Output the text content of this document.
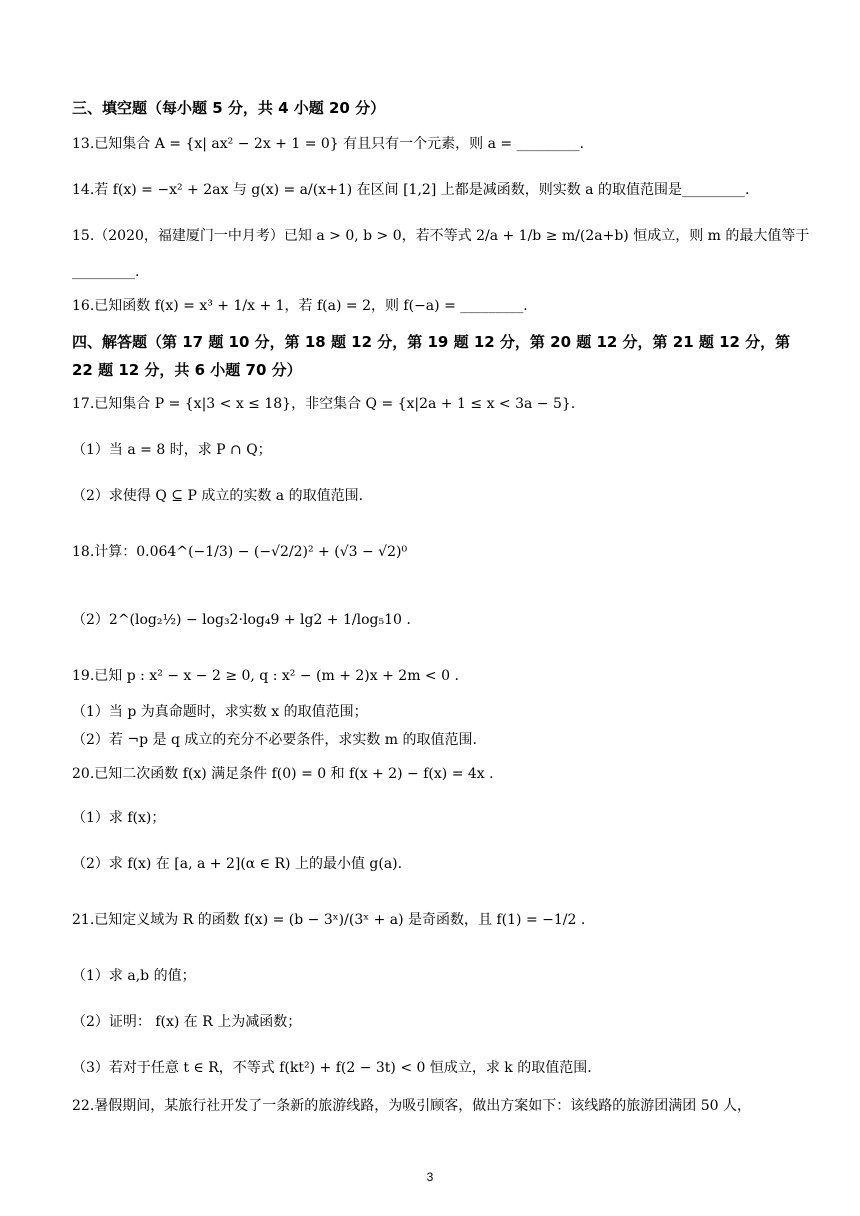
三、填空题（每小题 5 分，共 4 小题 20 分）
13.已知集合 A = {x| ax² − 2x + 1 = 0} 有且只有一个元素，则 a = _________.
14.若 f(x) = −x² + 2ax 与 g(x) = a/(x+1) 在区间 [1,2] 上都是减函数，则实数 a 的取值范围是_________.
15.（2020，福建厦门一中月考）已知 a > 0, b > 0，若不等式 2/a + 1/b ≥ m/(2a+b) 恒成立，则 m 的最大值等于
_________.
16.已知函数 f(x) = x³ + 1/x + 1，若 f(a) = 2，则 f(−a) = _________.
四、解答题（第 17 题 10 分，第 18 题 12 分，第 19 题 12 分，第 20 题 12 分，第 21 题 12 分，第
22 题 12 分，共 6 小题 70 分）
17.已知集合 P = {x|3 < x ≤ 18}，非空集合 Q = {x|2a + 1 ≤ x < 3a − 5}.
（1）当 a = 8 时，求 P ∩ Q；
（2）求使得 Q ⊆ P 成立的实数 a 的取值范围.
18.计算：0.064^(−1/3) − (−√2/2)² + (√3 − √2)⁰
（2）2^(log₂½) − log₃2·log₄9 + lg2 + 1/log₅10 .
19.已知 p : x² − x − 2 ≥ 0, q : x² − (m + 2)x + 2m < 0 .
（1）当 p 为真命题时，求实数 x 的取值范围；
（2）若 ¬p 是 q 成立的充分不必要条件，求实数 m 的取值范围.
20.已知二次函数 f(x) 满足条件 f(0) = 0 和 f(x + 2) − f(x) = 4x .
（1）求 f(x)；
（2）求 f(x) 在 [a, a + 2](α ∈ R) 上的最小值 g(a).
21.已知定义域为 R 的函数 f(x) = (b − 3ˣ)/(3ˣ + a) 是奇函数，且 f(1) = −1/2 .
（1）求 a,b 的值；
（2）证明： f(x) 在 R 上为减函数；
（3）若对于任意 t ∈ R，不等式 f(kt²) + f(2 − 3t) < 0 恒成立，求 k 的取值范围.
22.暑假期间，某旅行社开发了一条新的旅游线路，为吸引顾客，做出方案如下：该线路的旅游团满团 50 人，
3
